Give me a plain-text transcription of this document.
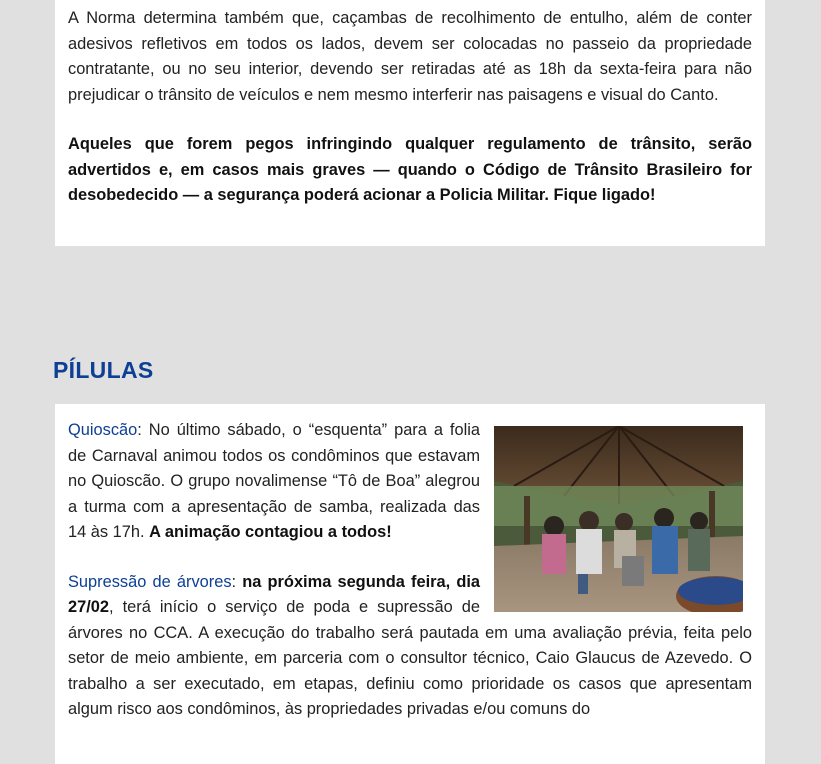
A Norma determina também que, caçambas de recolhimento de entulho, além de conter adesivos refletivos em todos os lados, devem ser colocadas no passeio da propriedade contratante, ou no seu interior, devendo ser retiradas até as 18h da sexta-feira para não prejudicar o trânsito de veículos e nem mesmo interferir nas paisagens e visual do Canto.

Aqueles que forem pegos infringindo qualquer regulamento de trânsito, serão advertidos e, em casos mais graves — quando o Código de Trânsito Brasileiro for desobedecido — a segurança poderá acionar a Policia Militar. Fique ligado!

PÍLULAS

Quioscão: No último sábado, o “esquenta” para a folia de Carnaval animou todos os condôminos que estavam no Quioscão. O grupo novalimense “Tô de Boa” alegrou a turma com a apresentação de samba, realizada das 14 às 17h. A animação contagiou a todos!

Supressão de árvores: na próxima segunda feira, dia 27/02, terá início o serviço de poda e supressão de árvores no CCA. A execução do trabalho será pautada em uma avaliação prévia, feita pelo setor de meio ambiente, em parceria com o consultor técnico, Caio Glaucus de Azevedo. O trabalho a ser executado, em etapas, definiu como prioridade os casos que apresentam algum risco aos condôminos, às propriedades privadas e/ou comuns do
